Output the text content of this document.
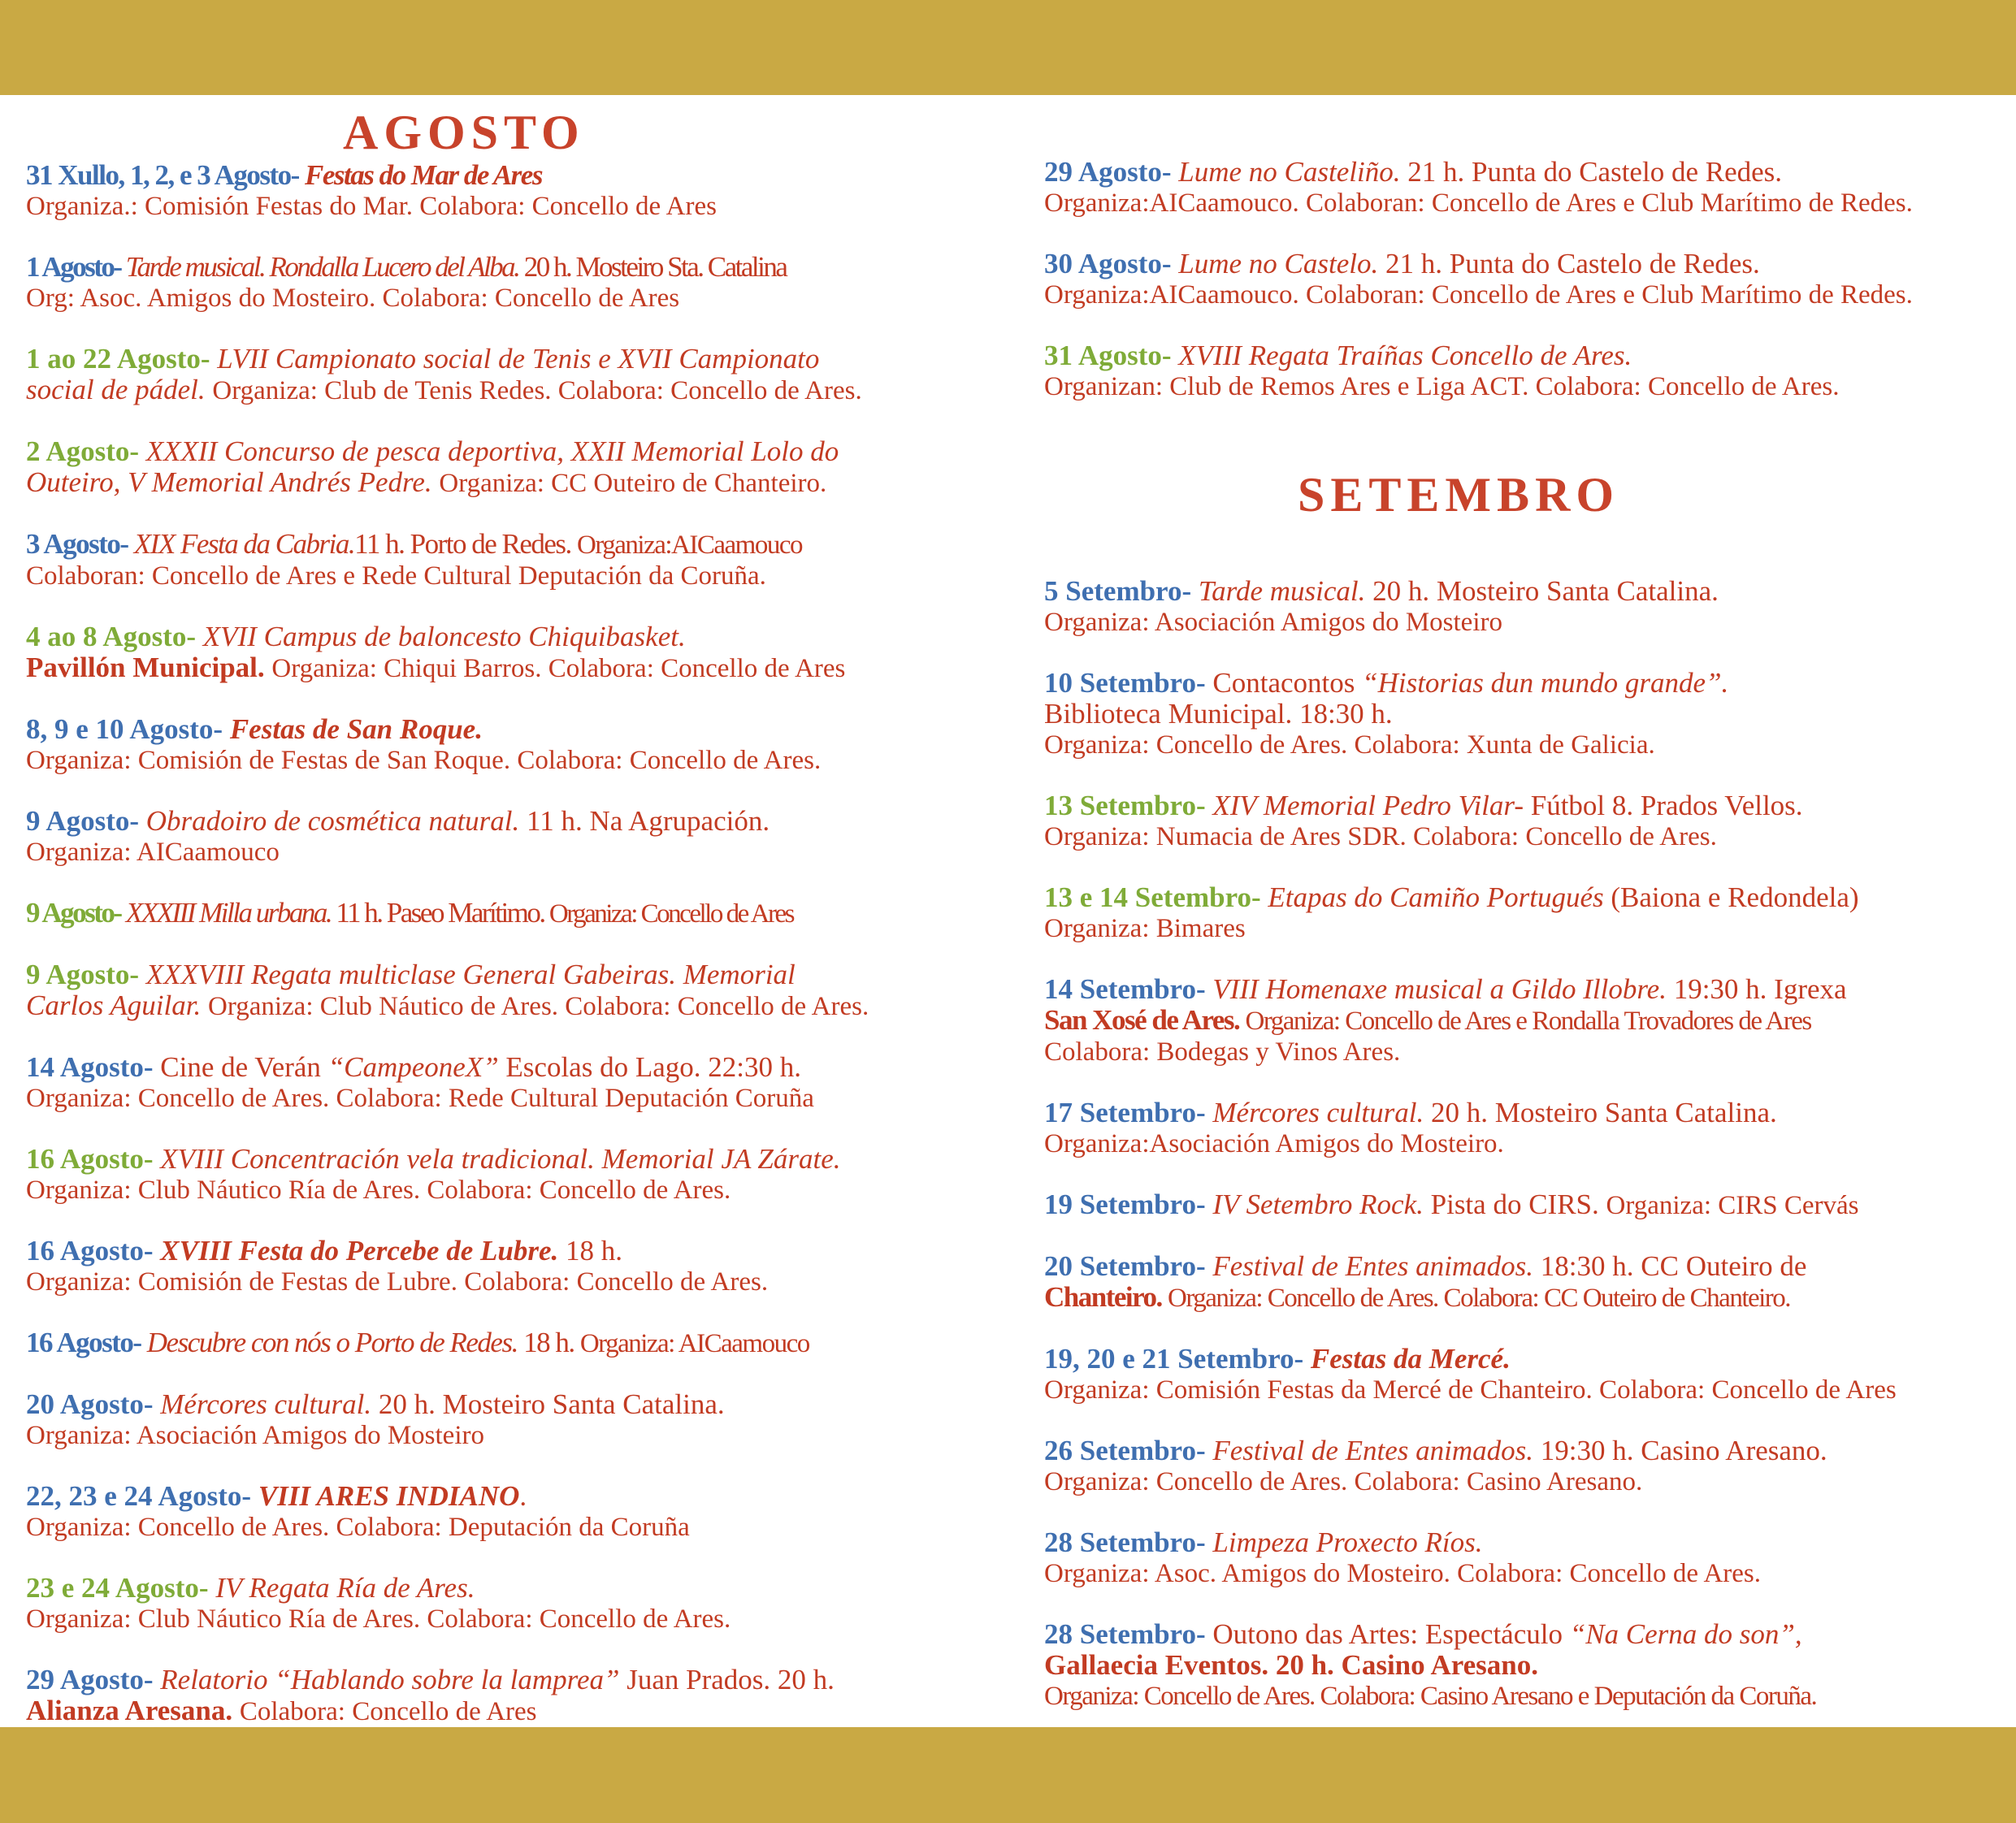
AGOSTO
31 Xullo, 1, 2, e 3 Agosto- Festas do Mar de Ares
Organiza.: Comisión Festas do Mar. Colabora: Concello de Ares
1 Agosto- Tarde musical. Rondalla Lucero del Alba. 20 h. Mosteiro Sta. Catalina
Org: Asoc. Amigos do Mosteiro. Colabora: Concello de Ares
1 ao 22 Agosto- LVII Campionato social de Tenis e XVII Campionato
social de pádel. Organiza: Club de Tenis Redes. Colabora: Concello de Ares.
2 Agosto- XXXII Concurso de pesca deportiva, XXII Memorial Lolo do
Outeiro, V Memorial Andrés Pedre. Organiza: CC Outeiro de Chanteiro.
3 Agosto- XIX Festa da Cabria.11 h. Porto de Redes. Organiza:AICaamouco
Colaboran: Concello de Ares e Rede Cultural Deputación da Coruña.
4 ao 8 Agosto- XVII Campus de baloncesto Chiquibasket.
Pavillón Municipal. Organiza: Chiqui Barros. Colabora: Concello de Ares
8, 9 e 10 Agosto- Festas de San Roque.
Organiza: Comisión de Festas de San Roque. Colabora: Concello de Ares.
9 Agosto- Obradoiro de cosmética natural. 11 h. Na Agrupación.
Organiza: AICaamouco
9 Agosto- XXXIII Milla urbana. 11 h. Paseo Marítimo. Organiza: Concello de Ares
9 Agosto- XXXVIII Regata multiclase General Gabeiras. Memorial
Carlos Aguilar. Organiza: Club Náutico de Ares. Colabora: Concello de Ares.
14 Agosto- Cine de Verán “CampeoneX” Escolas do Lago. 22:30 h.
Organiza: Concello de Ares. Colabora: Rede Cultural Deputación Coruña
16 Agosto- XVIII Concentración vela tradicional. Memorial JA Zárate.
Organiza: Club Náutico Ría de Ares. Colabora: Concello de Ares.
16 Agosto- XVIII Festa do Percebe de Lubre. 18 h.
Organiza: Comisión de Festas de Lubre. Colabora: Concello de Ares.
16 Agosto- Descubre con nós o Porto de Redes. 18 h. Organiza: AICaamouco
20 Agosto- Mércores cultural. 20 h. Mosteiro Santa Catalina.
Organiza: Asociación Amigos do Mosteiro
22, 23 e 24 Agosto- VIII ARES INDIANO.
Organiza: Concello de Ares. Colabora: Deputación da Coruña
23 e 24 Agosto- IV Regata Ría de Ares.
Organiza: Club Náutico Ría de Ares. Colabora: Concello de Ares.
29 Agosto- Relatorio “Hablando sobre la lamprea” Juan Prados. 20 h.
Alianza Aresana. Colabora: Concello de Ares
29 Agosto- Lume no Casteliño. 21 h. Punta do Castelo de Redes.
Organiza:AICaamouco. Colaboran: Concello de Ares e Club Marítimo de Redes.
30 Agosto- Lume no Castelo. 21 h. Punta do Castelo de Redes.
Organiza:AICaamouco. Colaboran: Concello de Ares e Club Marítimo de Redes.
31 Agosto- XVIII Regata Traíñas Concello de Ares.
Organizan: Club de Remos Ares e Liga ACT. Colabora: Concello de Ares.
SETEMBRO
5 Setembro- Tarde musical. 20 h. Mosteiro Santa Catalina.
Organiza: Asociación Amigos do Mosteiro
10 Setembro- Contacontos “Historias dun mundo grande”.
Biblioteca Municipal. 18:30 h.
Organiza: Concello de Ares. Colabora: Xunta de Galicia.
13 Setembro- XIV Memorial Pedro Vilar- Fútbol 8. Prados Vellos.
Organiza: Numacia de Ares SDR. Colabora: Concello de Ares.
13 e 14 Setembro- Etapas do Camiño Portugués (Baiona e Redondela)
Organiza: Bimares
14 Setembro- VIII Homenaxe musical a Gildo Illobre. 19:30 h. Igrexa
San Xosé de Ares. Organiza: Concello de Ares e Rondalla Trovadores de Ares
Colabora: Bodegas y Vinos Ares.
17 Setembro- Mércores cultural. 20 h. Mosteiro Santa Catalina.
Organiza:Asociación Amigos do Mosteiro.
19 Setembro- IV Setembro Rock. Pista do CIRS. Organiza: CIRS Cervás
20 Setembro- Festival de Entes animados. 18:30 h. CC Outeiro de
Chanteiro. Organiza: Concello de Ares. Colabora: CC Outeiro de Chanteiro.
19, 20 e 21 Setembro- Festas da Mercé.
Organiza: Comisión Festas da Mercé de Chanteiro. Colabora: Concello de Ares
26 Setembro- Festival de Entes animados. 19:30 h. Casino Aresano.
Organiza: Concello de Ares. Colabora: Casino Aresano.
28 Setembro- Limpeza Proxecto Ríos.
Organiza: Asoc. Amigos do Mosteiro. Colabora: Concello de Ares.
28 Setembro- Outono das Artes: Espectáculo “Na Cerna do son”,
Gallaecia Eventos. 20 h. Casino Aresano.
Organiza: Concello de Ares. Colabora: Casino Aresano e Deputación da Coruña.
